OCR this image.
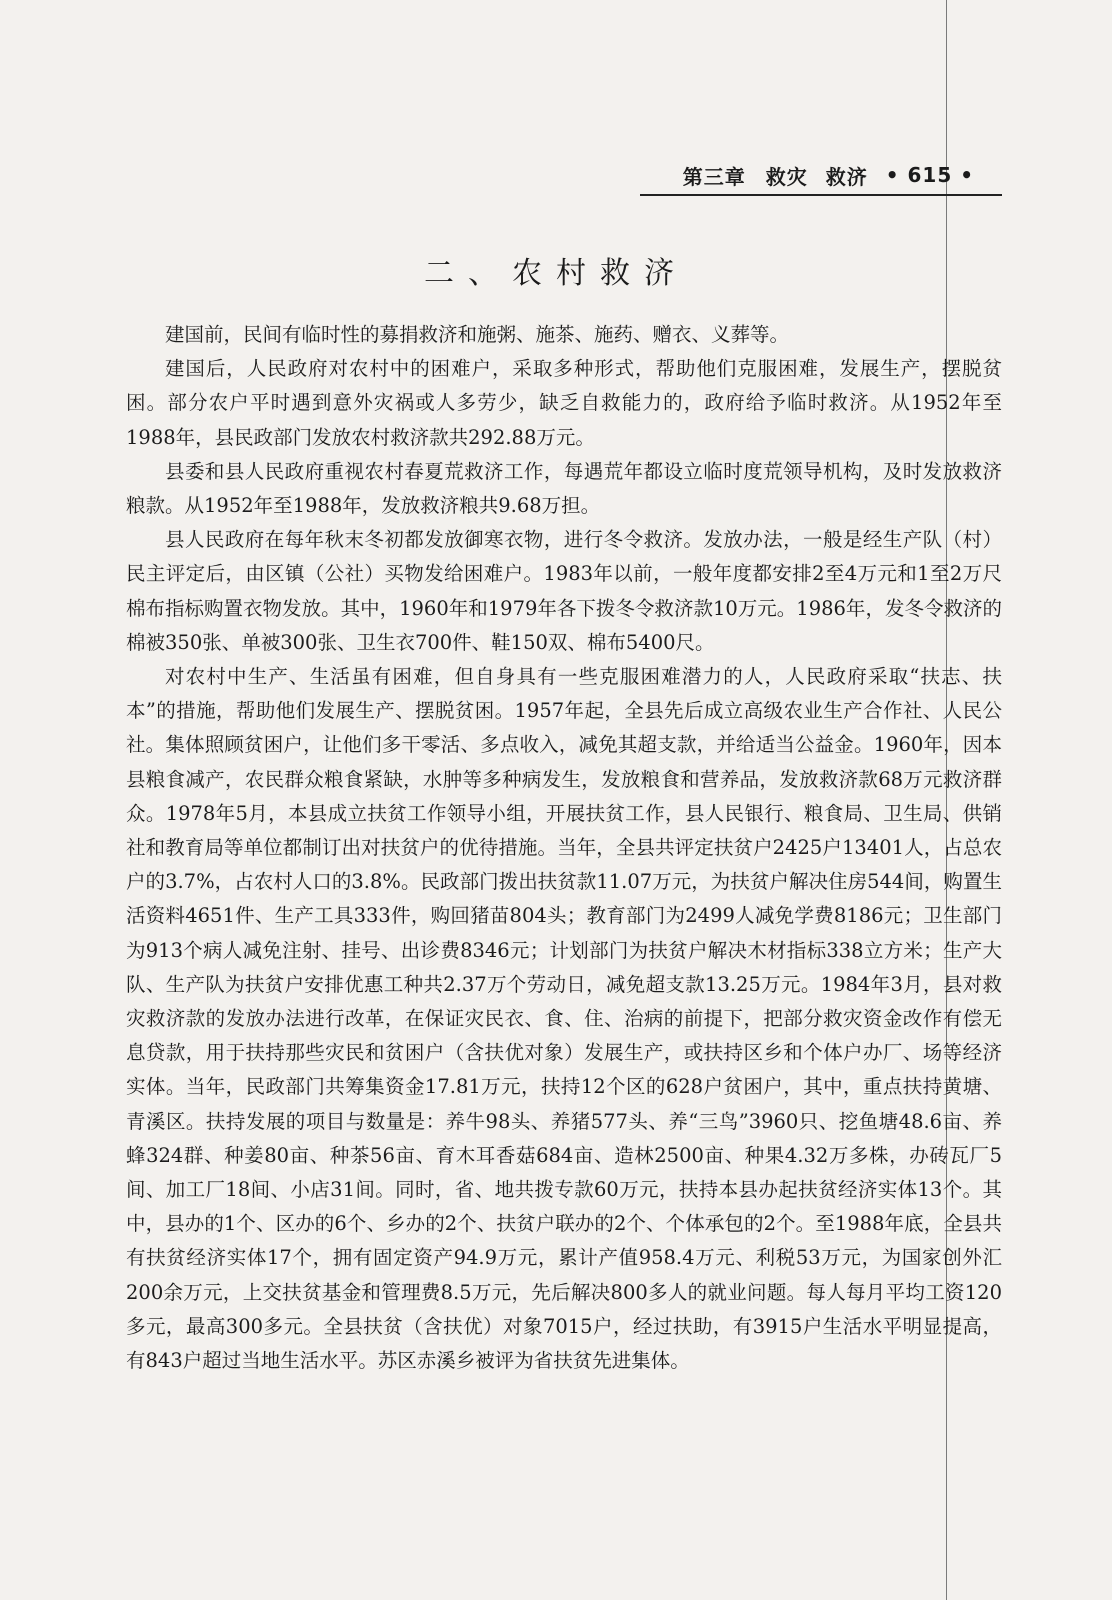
第三章 救灾 救济 • 615 •
二、农村救济

建国前，民间有临时性的募捐救济和施粥、施茶、施药、赠衣、义葬等。

建国后，人民政府对农村中的困难户，采取多种形式，帮助他们克服困难，发展生产，摆脱贫困。部分农户平时遇到意外灾祸或人多劳少，缺乏自救能力的，政府给予临时救济。从1952年至1988年，县民政部门发放农村救济款共292.88万元。

县委和县人民政府重视农村春夏荒救济工作，每遇荒年都设立临时度荒领导机构，及时发放救济粮款。从1952年至1988年，发放救济粮共9.68万担。

县人民政府在每年秋末冬初都发放御寒衣物，进行冬令救济。发放办法，一般是经生产队（村）民主评定后，由区镇（公社）买物发给困难户。1983年以前，一般年度都安排2至4万元和1至2万尺棉布指标购置衣物发放。其中，1960年和1979年各下拨冬令救济款10万元。1986年，发冬令救济的棉被350张、单被300张、卫生衣700件、鞋150双、棉布5400尺。

对农村中生产、生活虽有困难，但自身具有一些克服困难潜力的人，人民政府采取“扶志、扶本”的措施，帮助他们发展生产、摆脱贫困。1957年起，全县先后成立高级农业生产合作社、人民公社。集体照顾贫困户，让他们多干零活、多点收入，减免其超支款，并给适当公益金。1960年，因本县粮食减产，农民群众粮食紧缺，水肿等多种病发生，发放粮食和营养品，发放救济款68万元救济群众。1978年5月，本县成立扶贫工作领导小组，开展扶贫工作，县人民银行、粮食局、卫生局、供销社和教育局等单位都制订出对扶贫户的优待措施。当年，全县共评定扶贫户2425户13401人，占总农户的3.7%，占农村人口的3.8%。民政部门拨出扶贫款11.07万元，为扶贫户解决住房544间，购置生活资料4651件、生产工具333件，购回猪苗804头；教育部门为2499人减免学费8186元；卫生部门为913个病人减免注射、挂号、出诊费8346元；计划部门为扶贫户解决木材指标338立方米；生产大队、生产队为扶贫户安排优惠工种共2.37万个劳动日，减免超支款13.25万元。1984年3月，县对救灾救济款的发放办法进行改革，在保证灾民衣、食、住、治病的前提下，把部分救灾资金改作有偿无息贷款，用于扶持那些灾民和贫困户（含扶优对象）发展生产，或扶持区乡和个体户办厂、场等经济实体。当年，民政部门共筹集资金17.81万元，扶持12个区的628户贫困户，其中，重点扶持黄塘、青溪区。扶持发展的项目与数量是：养牛98头、养猪577头、养“三鸟”3960只、挖鱼塘48.6亩、养蜂324群、种姜80亩、种茶56亩、育木耳香菇684亩、造林2500亩、种果4.32万多株，办砖瓦厂5间、加工厂18间、小店31间。同时，省、地共拨专款60万元，扶持本县办起扶贫经济实体13个。其中，县办的1个、区办的6个、乡办的2个、扶贫户联办的2个、个体承包的2个。至1988年底，全县共有扶贫经济实体17个，拥有固定资产94.9万元，累计产值958.4万元、利税53万元，为国家创外汇200余万元，上交扶贫基金和管理费8.5万元，先后解决800多人的就业问题。每人每月平均工资120多元，最高300多元。全县扶贫（含扶优）对象7015户，经过扶助，有3915户生活水平明显提高，有843户超过当地生活水平。苏区赤溪乡被评为省扶贫先进集体。
